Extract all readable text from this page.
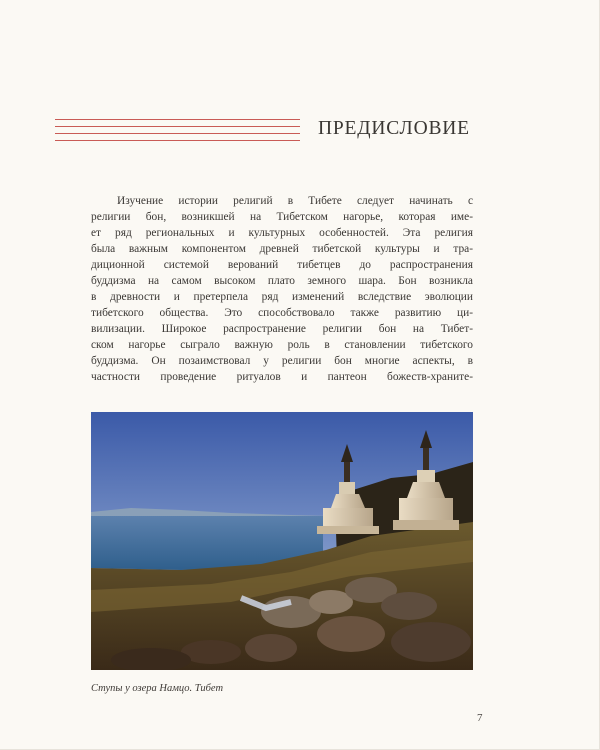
ПРЕДИСЛОВИЕ
Изучение истории религий в Тибете следует начинать с
религии бон, возникшей на Тибетском нагорье, которая име-
ет ряд региональных и культурных особенностей. Эта религия
была важным компонентом древней тибетской культуры и тра-
диционной системой верований тибетцев до распространения
буддизма на самом высоком плато земного шара. Бон возникла
в древности и претерпела ряд изменений вследствие эволюции
тибетского общества. Это способствовало также развитию ци-
вилизации. Широкое распространение религии бон на Тибет-
ском нагорье сыграло важную роль в становлении тибетского
буддизма. Он позаимствовал у религии бон многие аспекты, в
частности проведение ритуалов и пантеон божеств-храните-
Ступы у озера Намцо. Тибет
7
